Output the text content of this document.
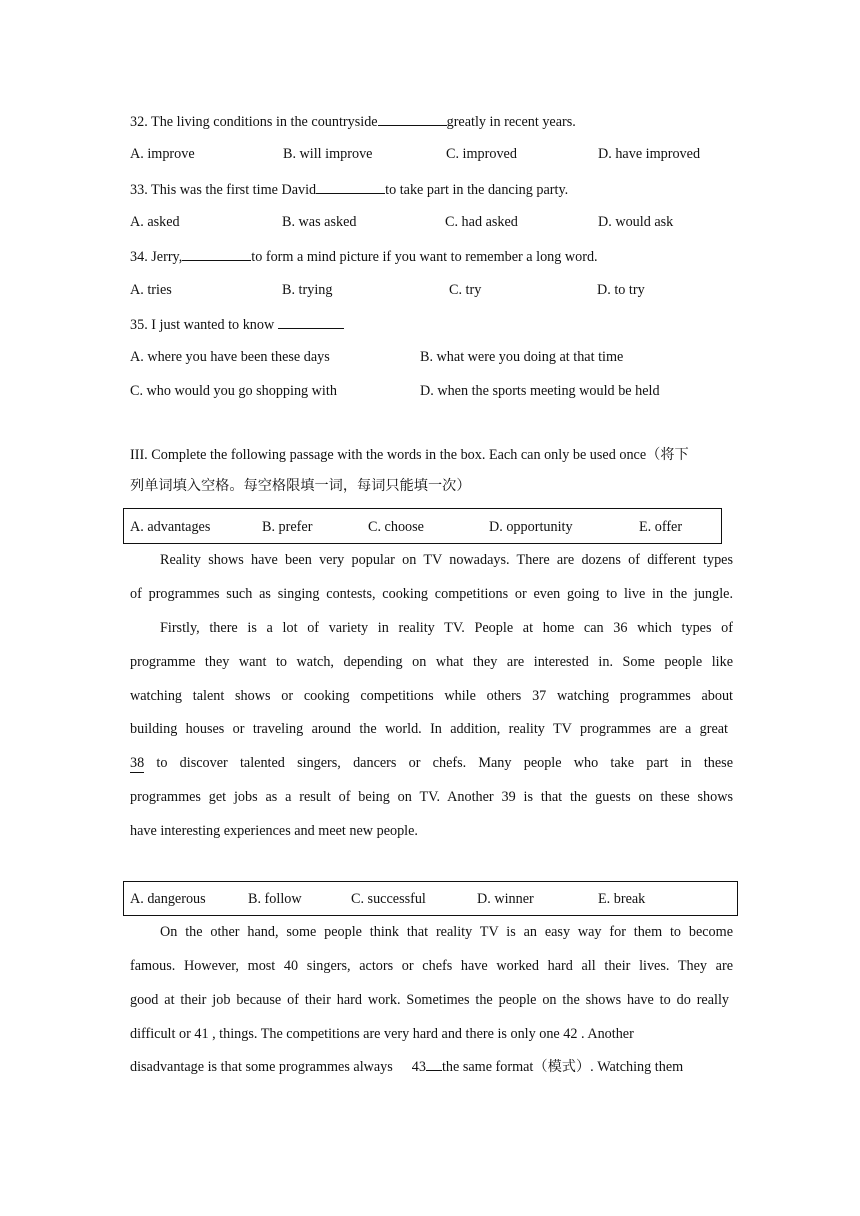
32. The living conditions in the countryside	greatly in recent years.
A. improve	B. will improve	C. improved	D. have improved
33. This was the first time David	to take part in the dancing party.
A. asked	B. was asked	C. had asked	D. would ask
34. Jerry,	to form a mind picture if you want to remember a long word.
A. tries	B. trying	C. try	D. to try
35. I just wanted to know
A. where you have been these days	B. what were you doing at that time
C. who would you go shopping with	D. when the sports meeting would be held
III. Complete the following passage with the words in the box. Each can only be used once（将下
列单词填入空格。每空格限填一词，每词只能填一次）
A. advantages	B. prefer	C. choose	D. opportunity	E. offer
Reality shows have been very popular on TV nowadays. There are dozens of different types
of programmes such as singing contests, cooking competitions or even going to live in the jungle.
Firstly, there is a lot of variety in reality TV. People at home can 36 which types of
programme they want to watch, depending on what they are interested in. Some people like
watching talent shows or cooking competitions while others 37 watching programmes about
building houses or traveling around the world. In addition, reality TV programmes are a great
38 to discover talented singers, dancers or chefs. Many people who take part in these
programmes get jobs as a result of being on TV. Another 39 is that the guests on these shows
have interesting experiences and meet new people.
A. dangerous	B. follow	C. successful	D. winner	E. break
On the other hand, some people think that reality TV is an easy way for them to become
famous. However, most 40 singers, actors or chefs have worked hard all their lives. They are
good at their job because of their hard work. Sometimes the people on the shows have to do really
difficult or 41 , things. The competitions are very hard and there is only one 42 . Another
disadvantage is that some programmes always 43 the same format（模式）. Watching them
